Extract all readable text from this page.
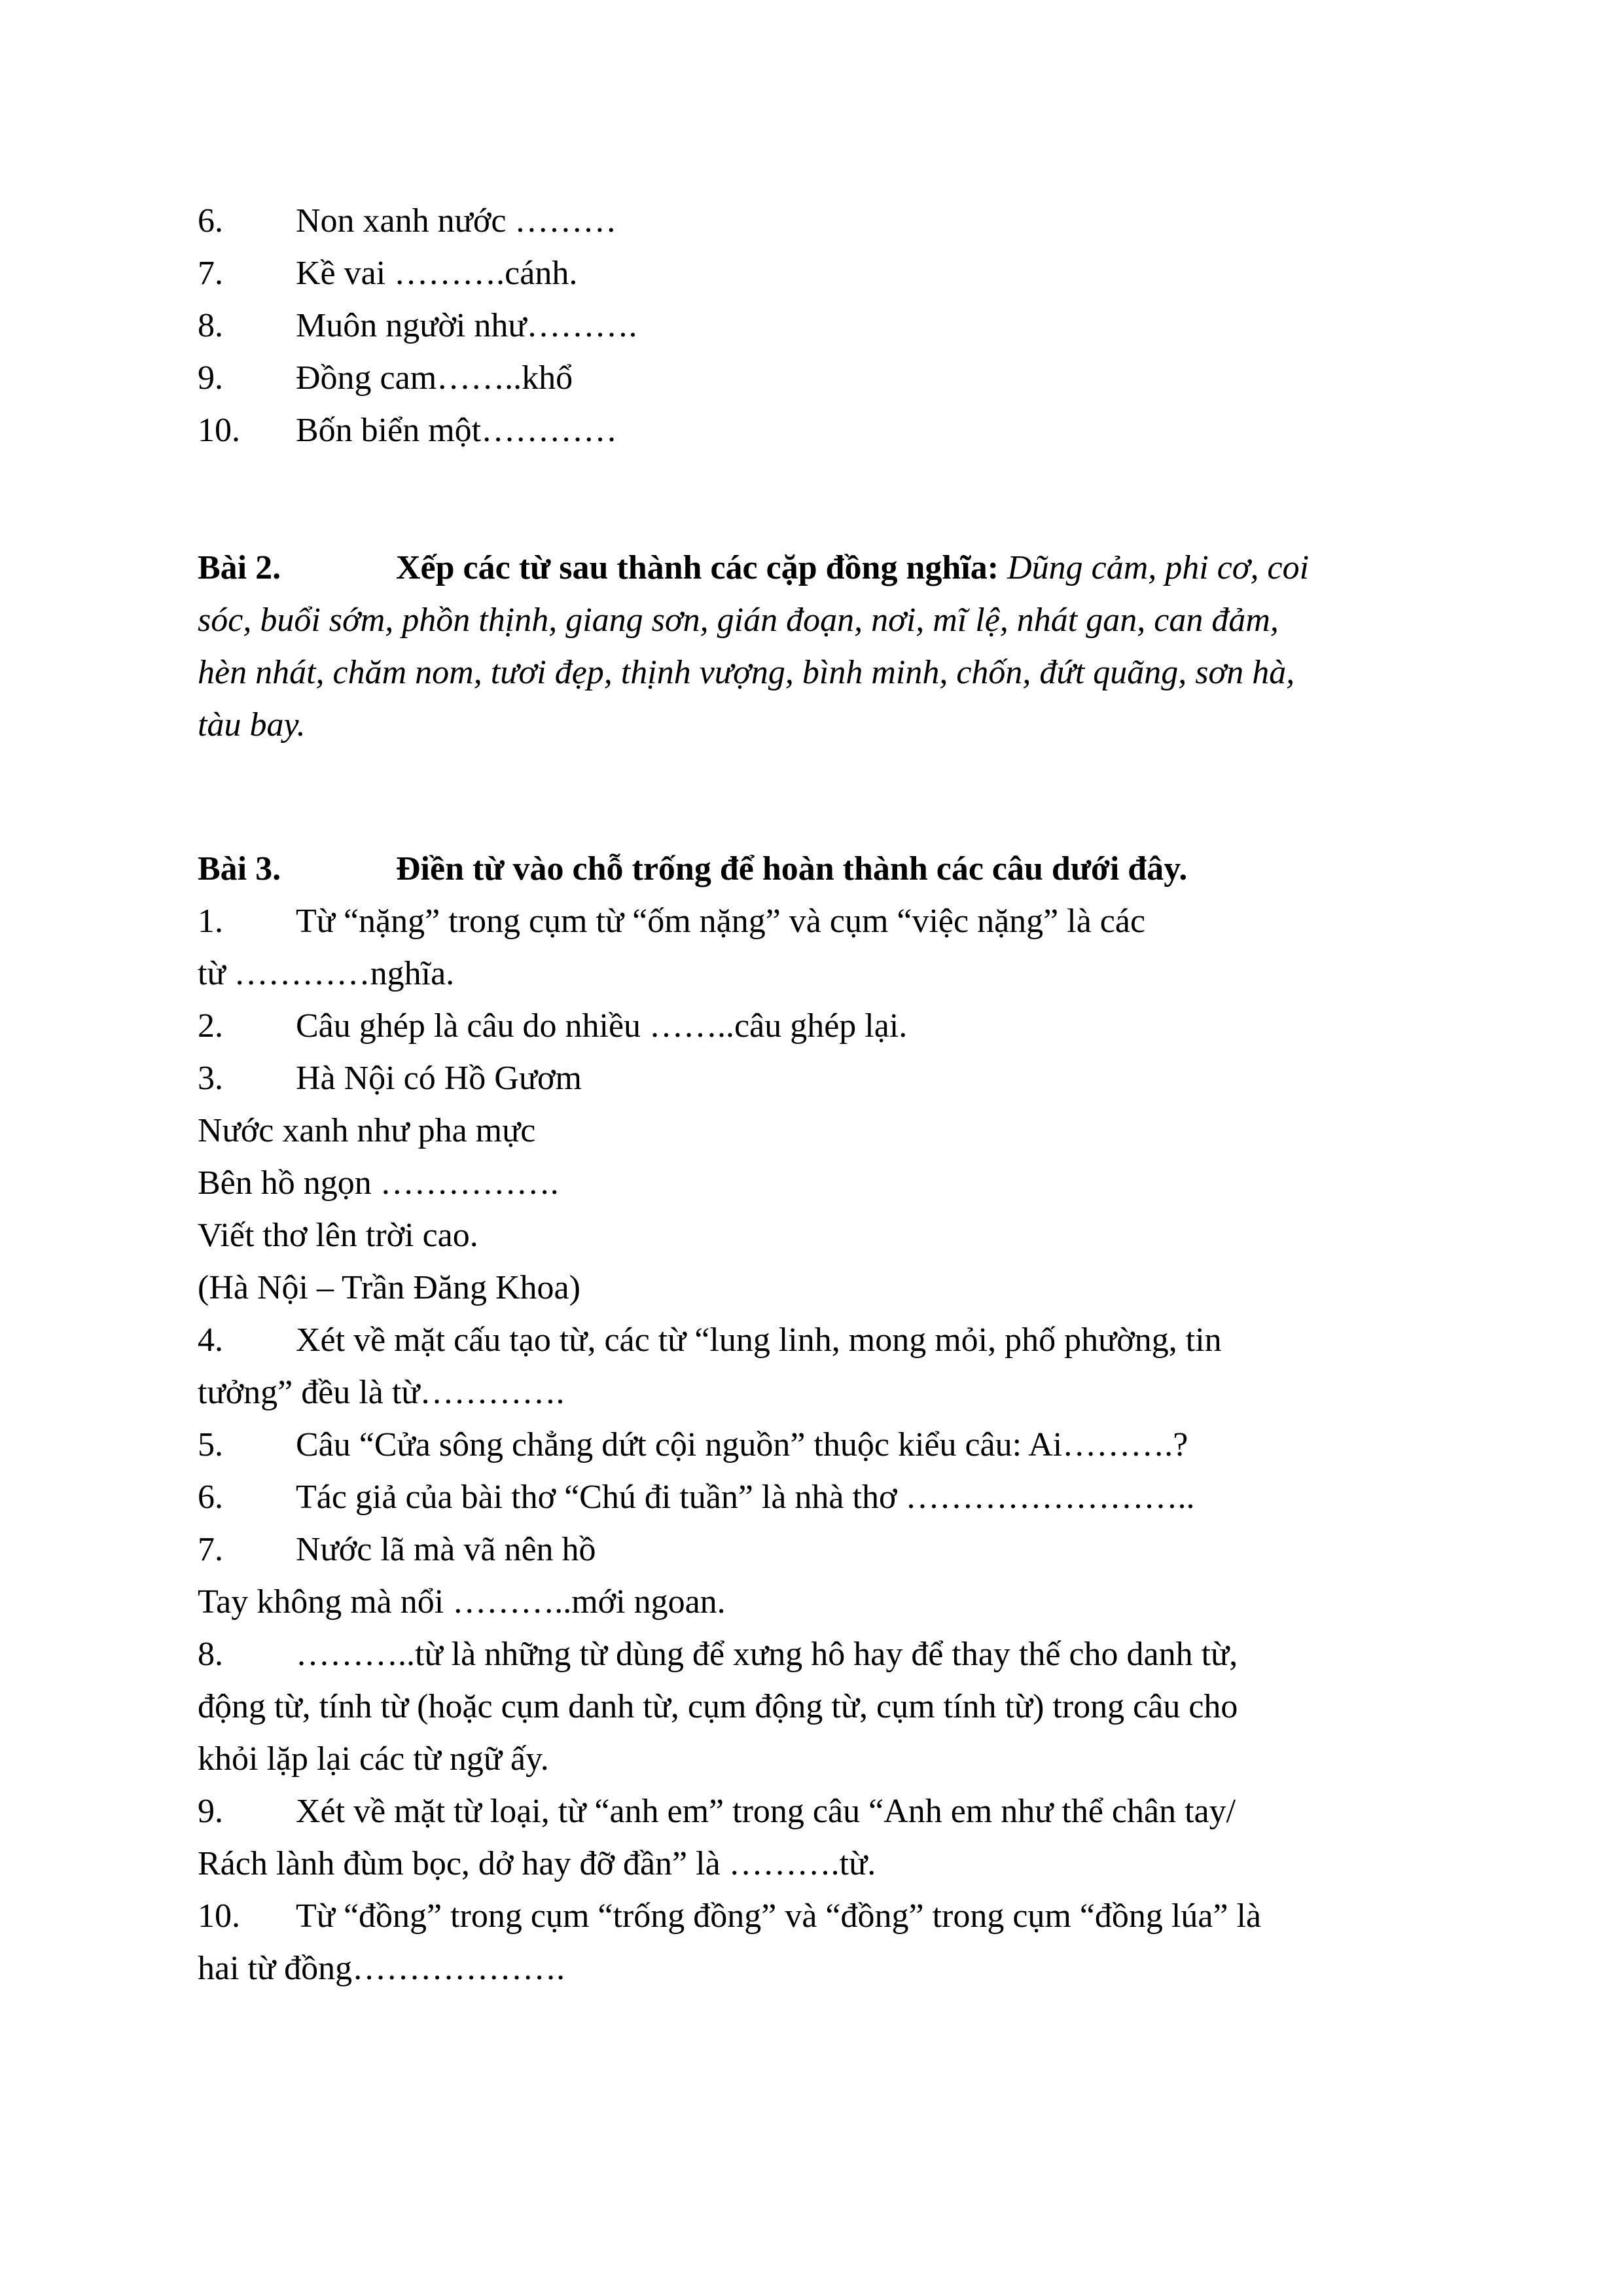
6. Non xanh nước ………
7. Kề vai ……….cánh.
8. Muôn người như……….
9. Đồng cam……..khổ
10. Bốn biển một…………
Bài 2.	Xếp các từ sau thành các cặp đồng nghĩa: Dũng cảm, phi cơ, coi
sóc, buổi sớm, phồn thịnh, giang sơn, gián đoạn, nơi, mĩ lệ, nhát gan, can đảm,
hèn nhát, chăm nom, tươi đẹp, thịnh vượng, bình minh, chốn, đứt quãng, sơn hà,
tàu bay.
Bài 3.	Điền từ vào chỗ trống để hoàn thành các câu dưới đây.
1. Từ “nặng” trong cụm từ “ốm nặng” và cụm “việc nặng” là các
từ …………nghĩa.
2. Câu ghép là câu do nhiều ……..câu ghép lại.
3. Hà Nội có Hồ Gươm
Nước xanh như pha mực
Bên hồ ngọn …………….
Viết thơ lên trời cao.
(Hà Nội – Trần Đăng Khoa)
4. Xét về mặt cấu tạo từ, các từ “lung linh, mong mỏi, phố phường, tin
tưởng” đều là từ………….
5. Câu “Cửa sông chẳng dứt cội nguồn” thuộc kiểu câu: Ai……….?
6. Tác giả của bài thơ “Chú đi tuần” là nhà thơ ……………………..
7. Nước lã mà vã nên hồ
Tay không mà nổi ………..mới ngoan.
8. ………..từ là những từ dùng để xưng hô hay để thay thế cho danh từ,
động từ, tính từ (hoặc cụm danh từ, cụm động từ, cụm tính từ) trong câu cho
khỏi lặp lại các từ ngữ ấy.
9. Xét về mặt từ loại, từ “anh em” trong câu “Anh em như thể chân tay/
Rách lành đùm bọc, dở hay đỡ đần” là ……….từ.
10. Từ “đồng” trong cụm “trống đồng” và “đồng” trong cụm “đồng lúa” là
hai từ đồng……………….
